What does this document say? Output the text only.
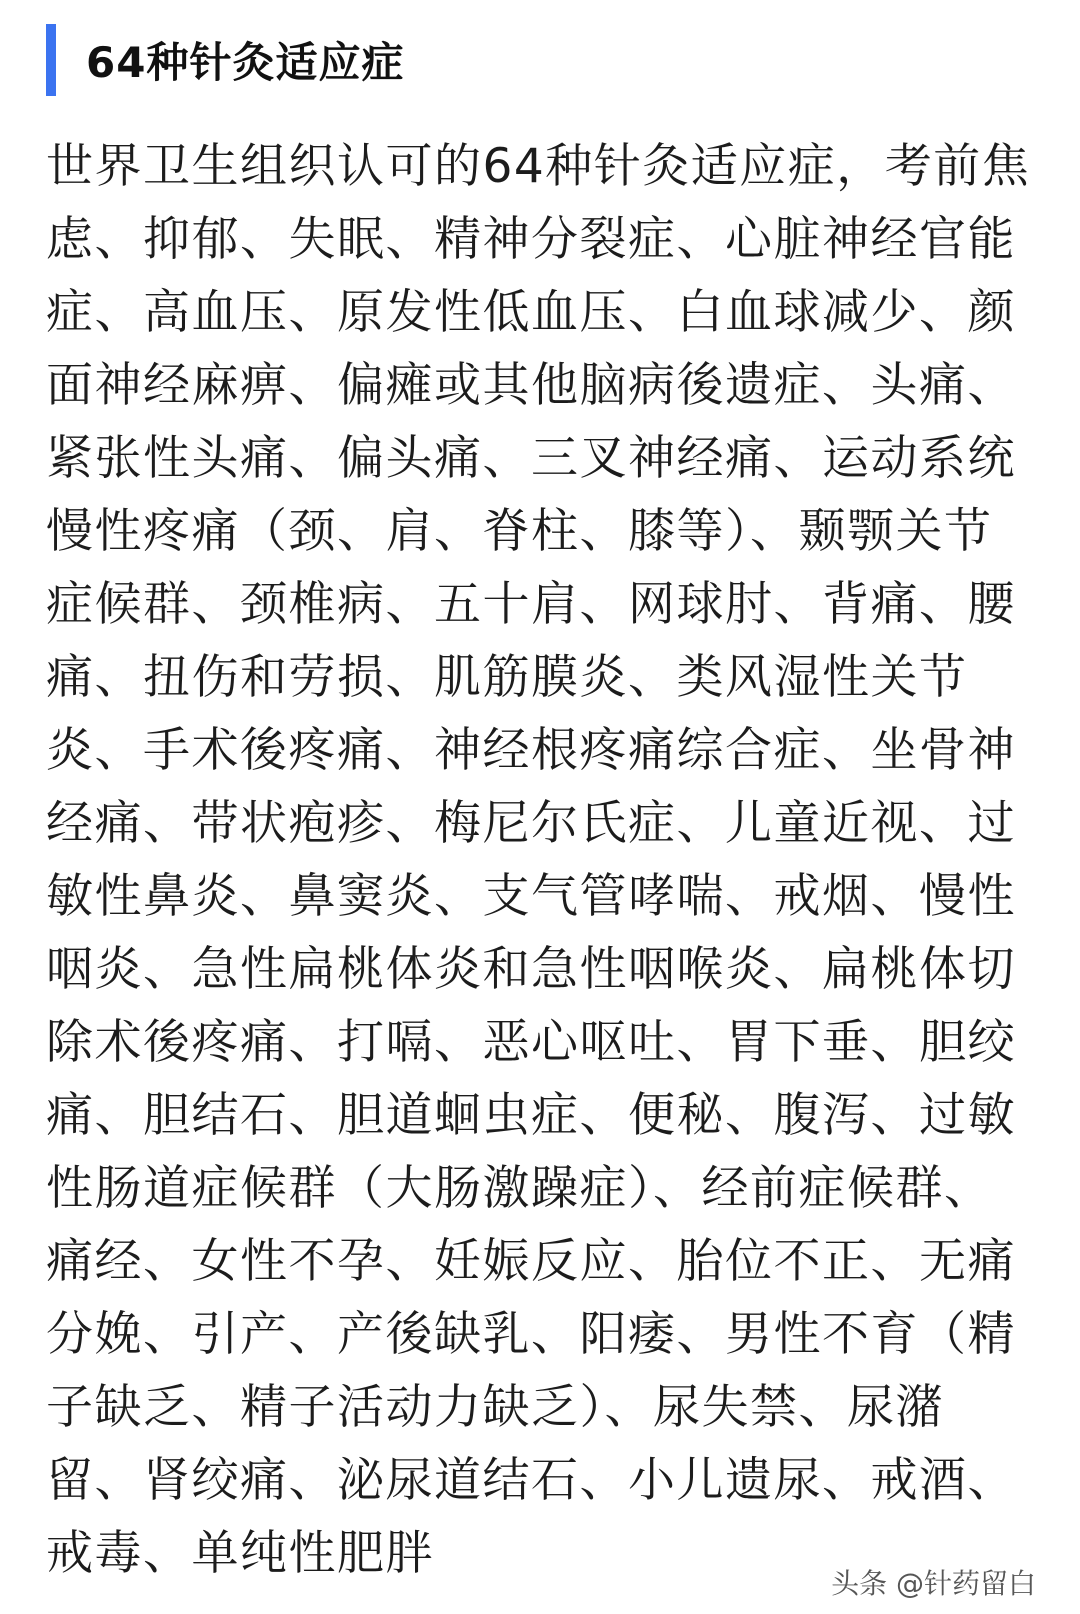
64种针灸适应症
世界卫生组织认可的64种针灸适应症，考前焦
虑、抑郁、失眠、精神分裂症、心脏神经官能
症、高血压、原发性低血压、白血球减少、颜
面神经麻痹、偏瘫或其他脑病後遗症、头痛、
紧张性头痛、偏头痛、三叉神经痛、运动系统
慢性疼痛（颈、肩、脊柱、膝等）、颞颚关节
症候群、颈椎病、五十肩、网球肘、背痛、腰
痛、扭伤和劳损、肌筋膜炎、类风湿性关节
炎、手术後疼痛、神经根疼痛综合症、坐骨神
经痛、带状疱疹、梅尼尔氏症、儿童近视、过
敏性鼻炎、鼻窦炎、支气管哮喘、戒烟、慢性
咽炎、急性扁桃体炎和急性咽喉炎、扁桃体切
除术後疼痛、打嗝、恶心呕吐、胃下垂、胆绞
痛、胆结石、胆道蛔虫症、便秘、腹泻、过敏
性肠道症候群（大肠激躁症）、经前症候群、
痛经、女性不孕、妊娠反应、胎位不正、无痛
分娩、引产、产後缺乳、阳痿、男性不育（精
子缺乏、精子活动力缺乏）、尿失禁、尿潴
留、肾绞痛、泌尿道结石、小儿遗尿、戒酒、
戒毒、单纯性肥胖
头条 @针药留白
